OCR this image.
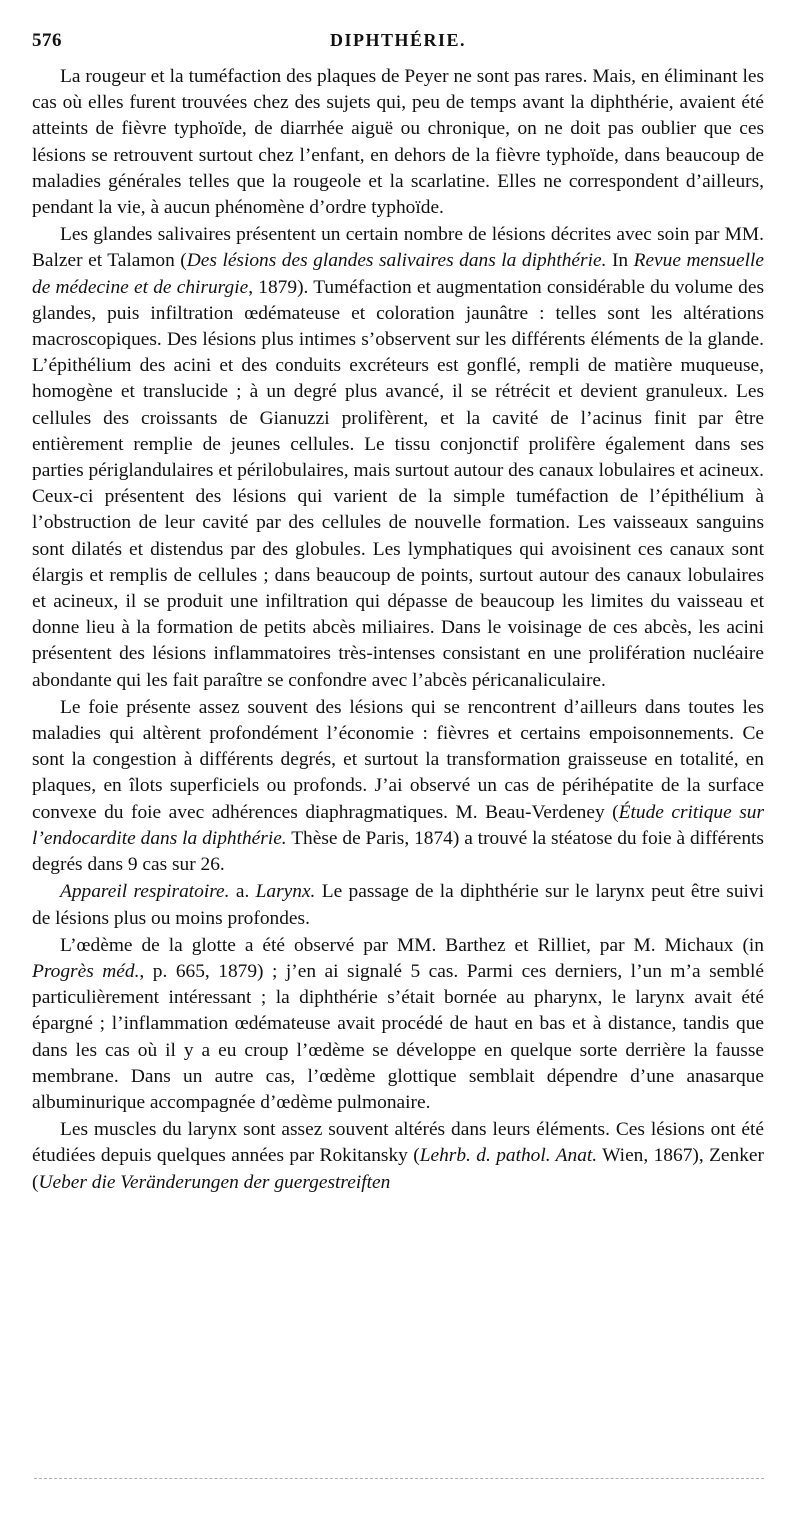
576	DIPHTHÉRIE.

La rougeur et la tuméfaction des plaques de Peyer ne sont pas rares. Mais, en éliminant les cas où elles furent trouvées chez des sujets qui, peu de temps avant la diphthérie, avaient été atteints de fièvre typhoïde, de diarrhée aiguë ou chronique, on ne doit pas oublier que ces lésions se retrouvent surtout chez l’enfant, en dehors de la fièvre typhoïde, dans beaucoup de maladies générales telles que la rougeole et la scarlatine. Elles ne correspondent d’ailleurs, pendant la vie, à aucun phénomène d’ordre typhoïde.

Les glandes salivaires présentent un certain nombre de lésions décrites avec soin par MM. Balzer et Talamon (Des lésions des glandes salivaires dans la diphthérie. In Revue mensuelle de médecine et de chirurgie, 1879). Tuméfaction et augmentation considérable du volume des glandes, puis infiltration œdémateuse et coloration jaunâtre : telles sont les altérations macroscopiques. Des lésions plus intimes s’observent sur les différents éléments de la glande. L’épithélium des acini et des conduits excréteurs est gonflé, rempli de matière muqueuse, homogène et translucide ; à un degré plus avancé, il se rétrécit et devient granuleux. Les cellules des croissants de Gianuzzi prolifèrent, et la cavité de l’acinus finit par être entièrement remplie de jeunes cellules. Le tissu conjonctif prolifère également dans ses parties périglandulaires et périlobulaires, mais surtout autour des canaux lobulaires et acineux. Ceux-ci présentent des lésions qui varient de la simple tuméfaction de l’épithélium à l’obstruction de leur cavité par des cellules de nouvelle formation. Les vaisseaux sanguins sont dilatés et distendus par des globules. Les lymphatiques qui avoisinent ces canaux sont élargis et remplis de cellules ; dans beaucoup de points, surtout autour des canaux lobulaires et acineux, il se produit une infiltration qui dépasse de beaucoup les limites du vaisseau et donne lieu à la formation de petits abcès miliaires. Dans le voisinage de ces abcès, les acini présentent des lésions inflammatoires très-intenses consistant en une prolifération nucléaire abondante qui les fait paraître se confondre avec l’abcès péricanaliculaire.

Le foie présente assez souvent des lésions qui se rencontrent d’ailleurs dans toutes les maladies qui altèrent profondément l’économie : fièvres et certains empoisonnements. Ce sont la congestion à différents degrés, et surtout la transformation graisseuse en totalité, en plaques, en îlots superficiels ou profonds. J’ai observé un cas de périhépatite de la surface convexe du foie avec adhérences diaphragmatiques. M. Beau-Verdeney (Étude critique sur l’endocardite dans la diphthérie. Thèse de Paris, 1874) a trouvé la stéatose du foie à différents degrés dans 9 cas sur 26.

Appareil respiratoire. a. Larynx. Le passage de la diphthérie sur le larynx peut être suivi de lésions plus ou moins profondes.

L’œdème de la glotte a été observé par MM. Barthez et Rilliet, par M. Michaux (in Progrès méd., p. 665, 1879) ; j’en ai signalé 5 cas. Parmi ces derniers, l’un m’a semblé particulièrement intéressant ; la diphthérie s’était bornée au pharynx, le larynx avait été épargné ; l’inflammation œdémateuse avait procédé de haut en bas et à distance, tandis que dans les cas où il y a eu croup l’œdème se développe en quelque sorte derrière la fausse membrane. Dans un autre cas, l’œdème glottique semblait dépendre d’une anasarque albuminurique accompagnée d’œdème pulmonaire.

Les muscles du larynx sont assez souvent altérés dans leurs éléments. Ces lésions ont été étudiées depuis quelques années par Rokitansky (Lehrb. d. pathol. Anat. Wien, 1867), Zenker (Ueber die Veränderungen der guergestreiften
